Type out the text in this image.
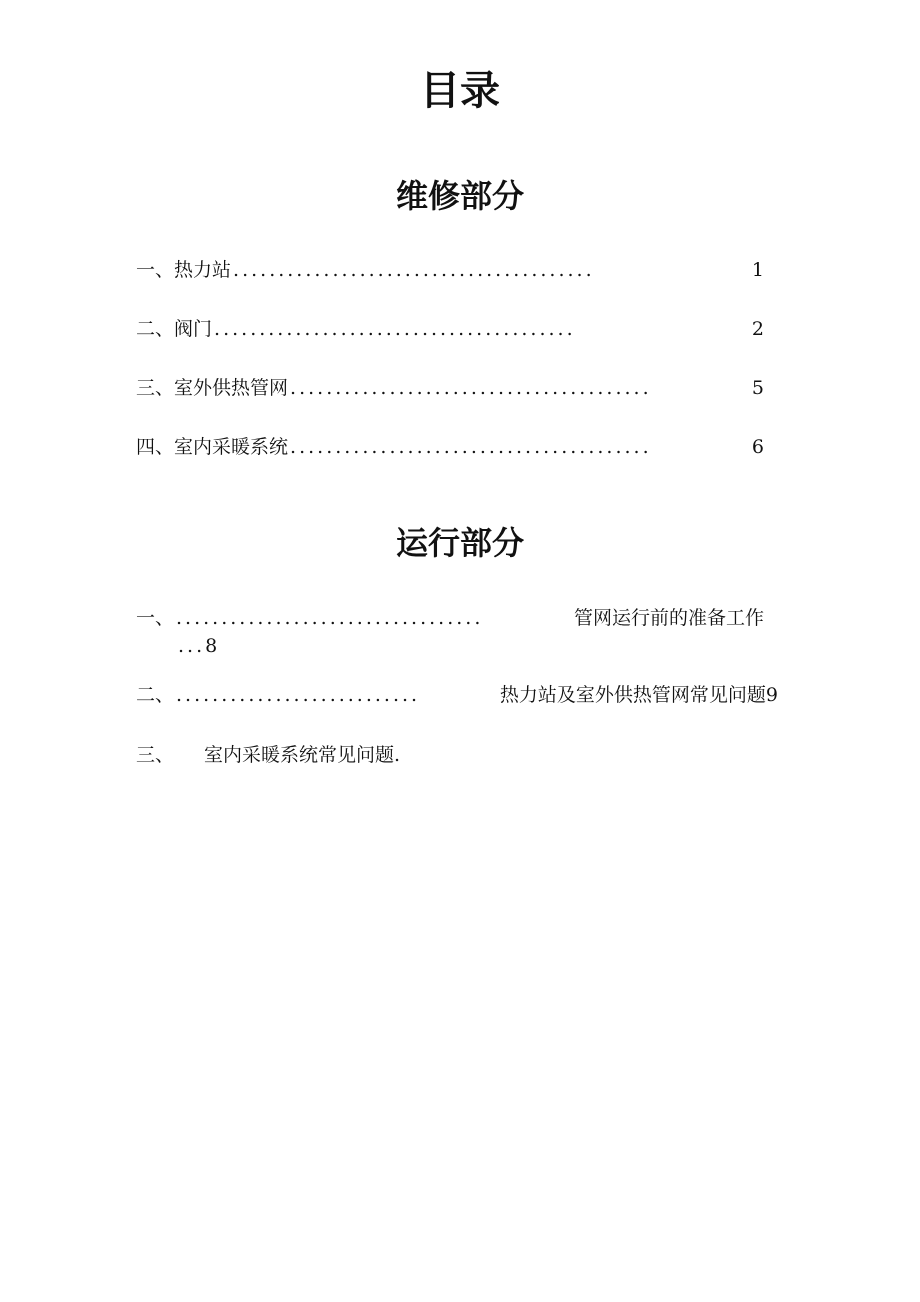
目录
维修部分
一、 热力站 ........................................	1
二、 阀门 ........................................	2
三、 室外供热管网 ........................................	5
四、 室内采暖系统 ........................................	6
运行部分
一、 ..................................	管网运行前的准备工作
...8
二、 ...........................	热力站及室外供热管网常见问题 9
三、 室内采暖系统常见问题.
